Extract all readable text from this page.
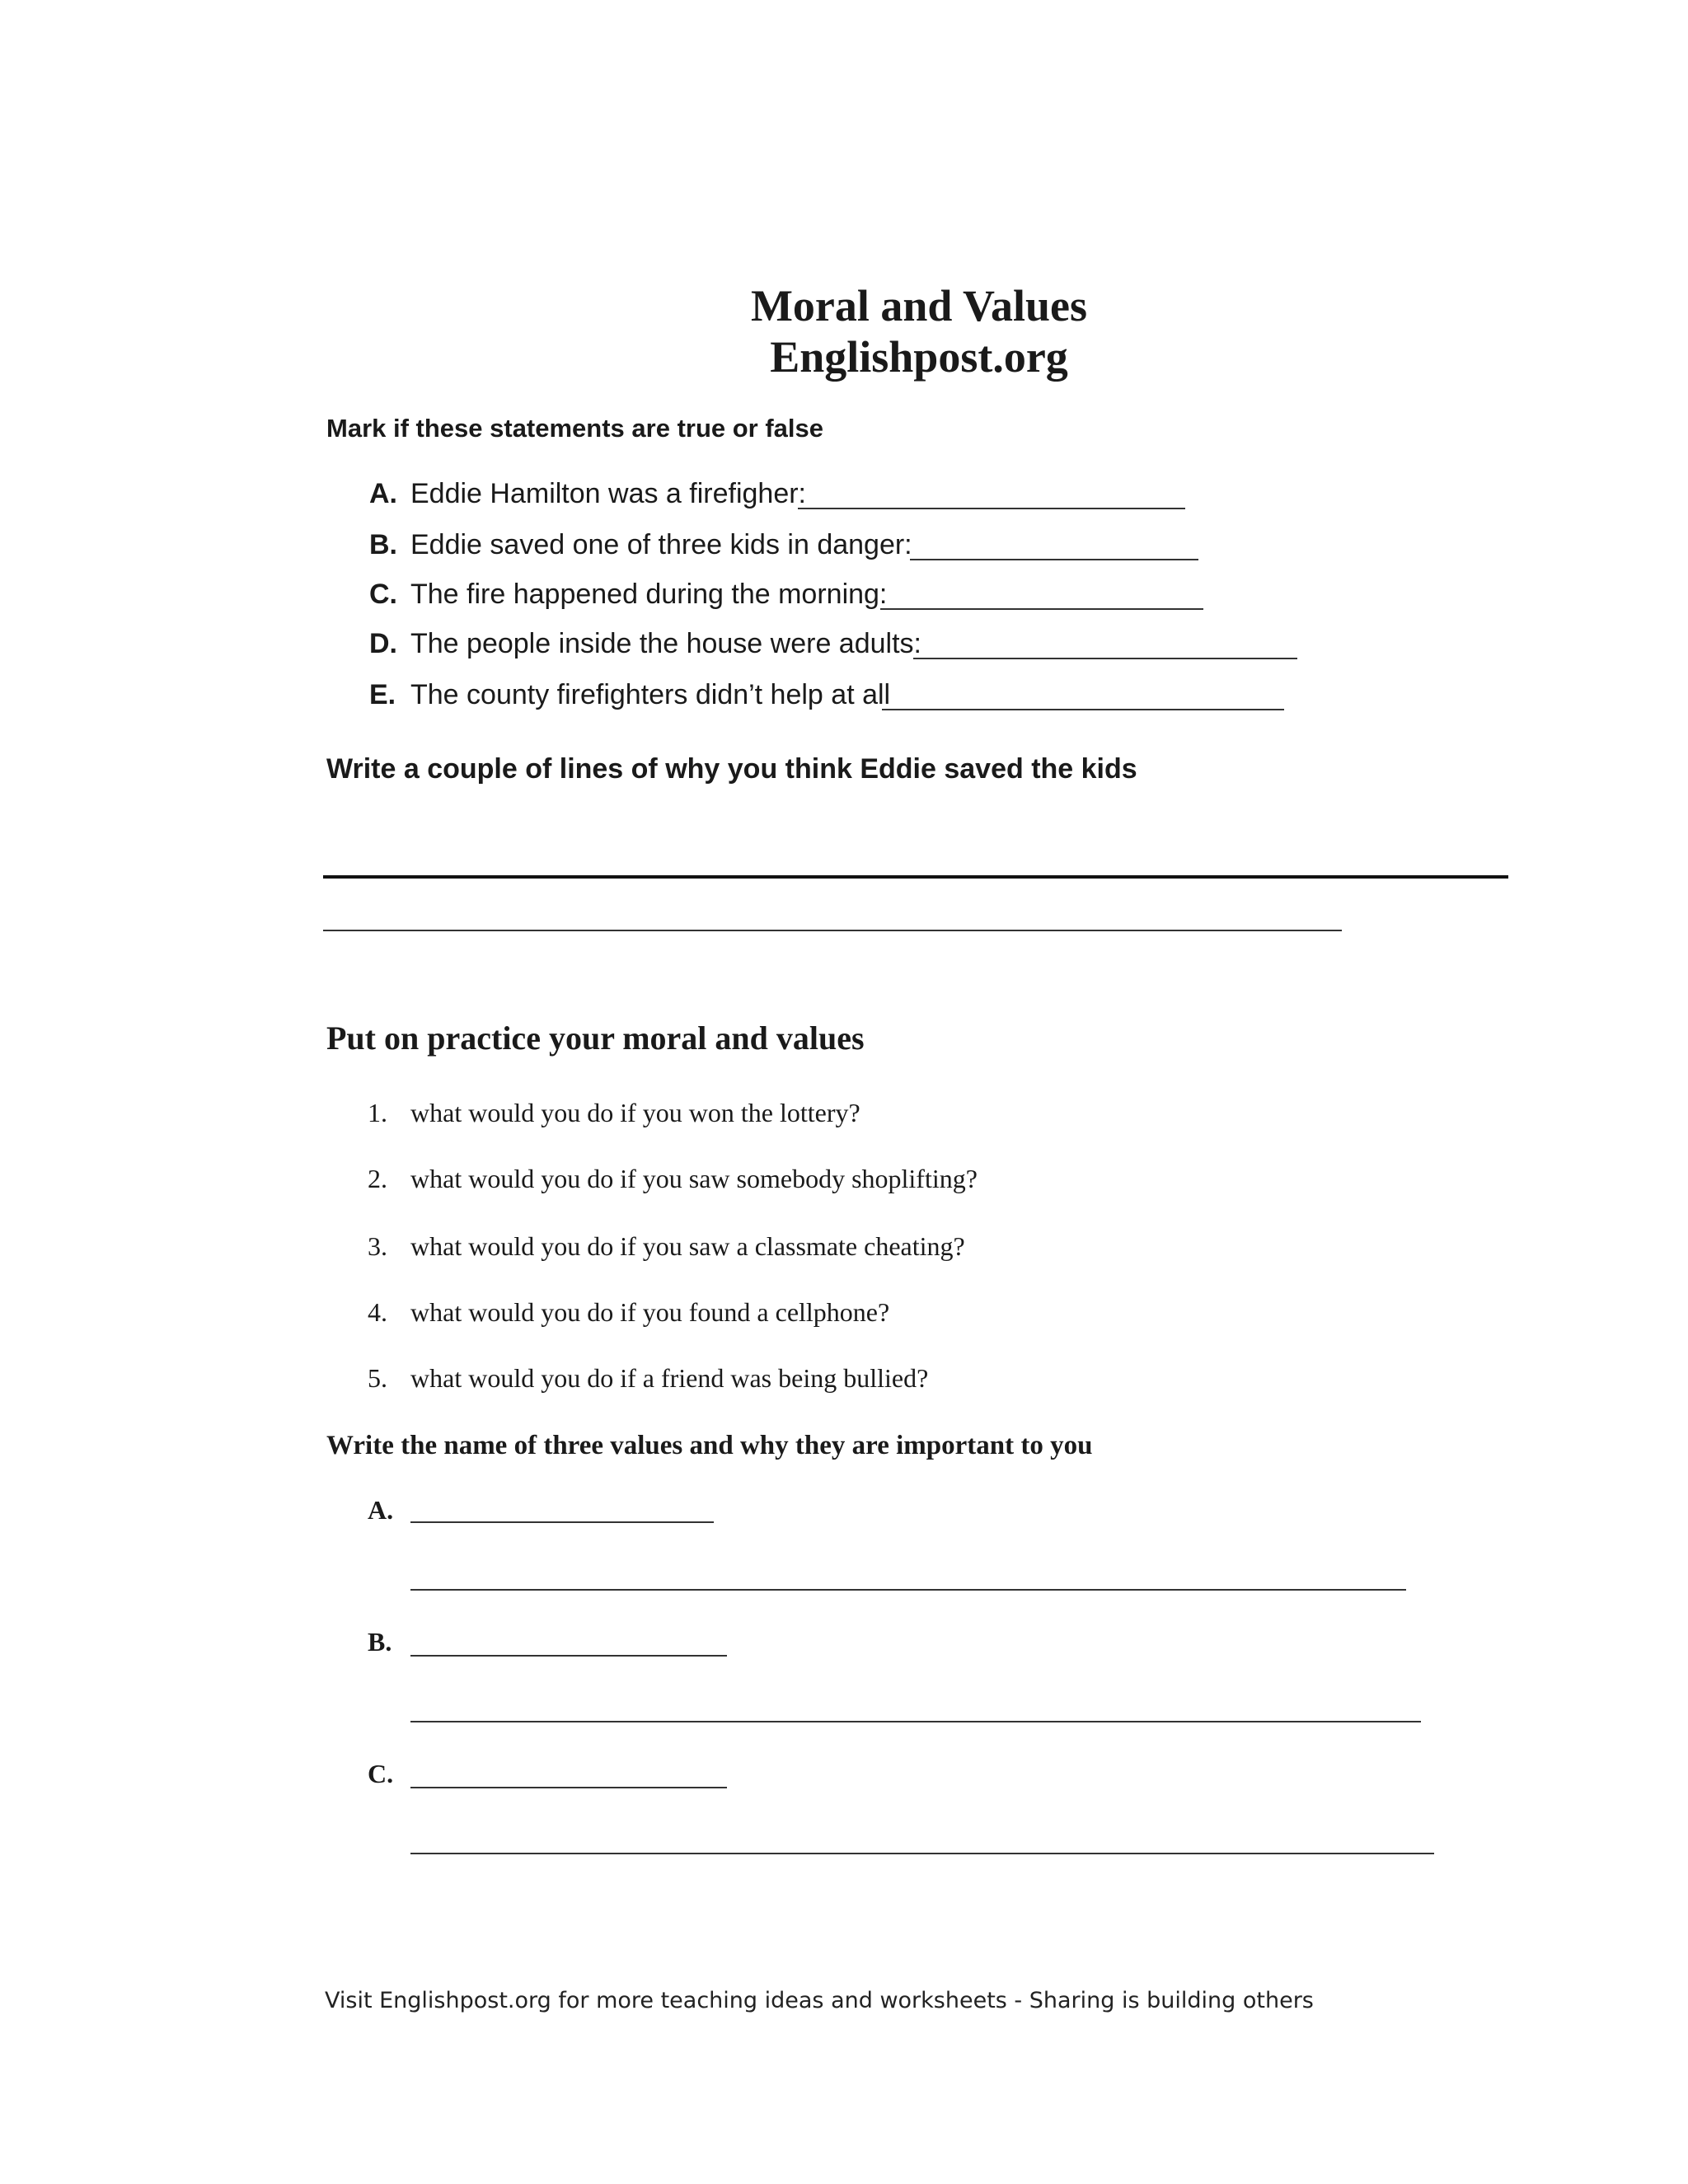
Moral and Values
Englishpost.org
Mark if these statements are true or false
A. Eddie Hamilton was a firefigher:
B. Eddie saved one of three kids in danger:
C. The fire happened during the morning:
D. The people inside the house were adults:
E. The county firefighters didn’t help at all
Write a couple of lines of why you think Eddie saved the kids
Put on practice your moral and values
1. what would you do if you won the lottery?
2. what would you do if you saw somebody shoplifting?
3. what would you do if you saw a classmate cheating?
4. what would you do if you found a cellphone?
5. what would you do if a friend was being bullied?
Write the name of three values and why they are important to you
A.
B.
C.
Visit Englishpost.org for more teaching ideas and worksheets - Sharing is building others
